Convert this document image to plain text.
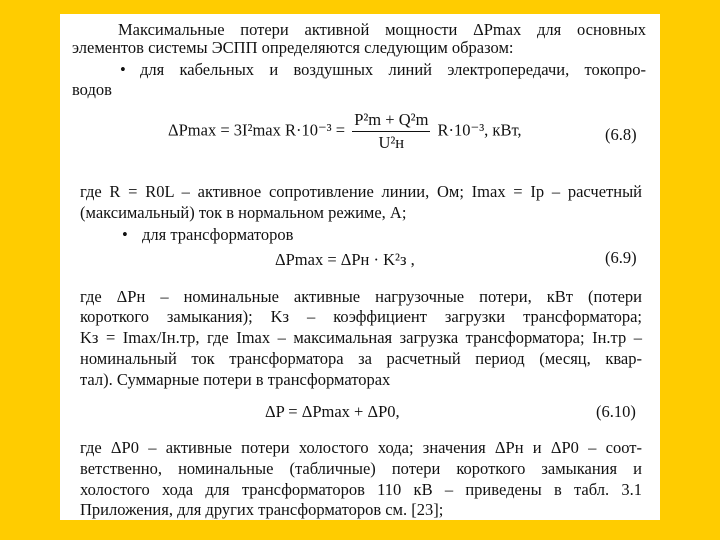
Максимальные потери активной мощности ΔPmax для основных
элементов системы ЭСПП определяются следующим образом:
• для кабельных и воздушных линий электропередачи, токопро-
водов
ΔPmax = 3I²max $R\cdot 10^{-3} = \frac{\text{P²m + Q²m}}{\text{U²н}} R\cdot 10^{-3}$, кВт,	(6.8)
где R = R0L – активное сопротивление линии, Ом; Imax = Iр – расчетный
(максимальный) ток в нормальном режиме, А;
• для трансформаторов
ΔPmax = ΔPн · K²з ,	(6.9)
где ΔPн – номинальные активные нагрузочные потери, кВт (потери
короткого замыкания); Kз – коэффициент загрузки трансформатора;
Kз = Imax/Iн.тр, где Imax – максимальная загрузка трансформатора; Iн.тр –
номинальный ток трансформатора за расчетный период (месяц, квар-
тал). Суммарные потери в трансформаторах
ΔP = ΔPmax + ΔP0,	(6.10)
где ΔP0 – активные потери холостого хода; значения ΔPн и ΔP0 – соот-
ветственно, номинальные (табличные) потери короткого замыкания и
холостого хода для трансформаторов 110 кВ – приведены в табл. 3.1
Приложения, для других трансформаторов см. [23];
